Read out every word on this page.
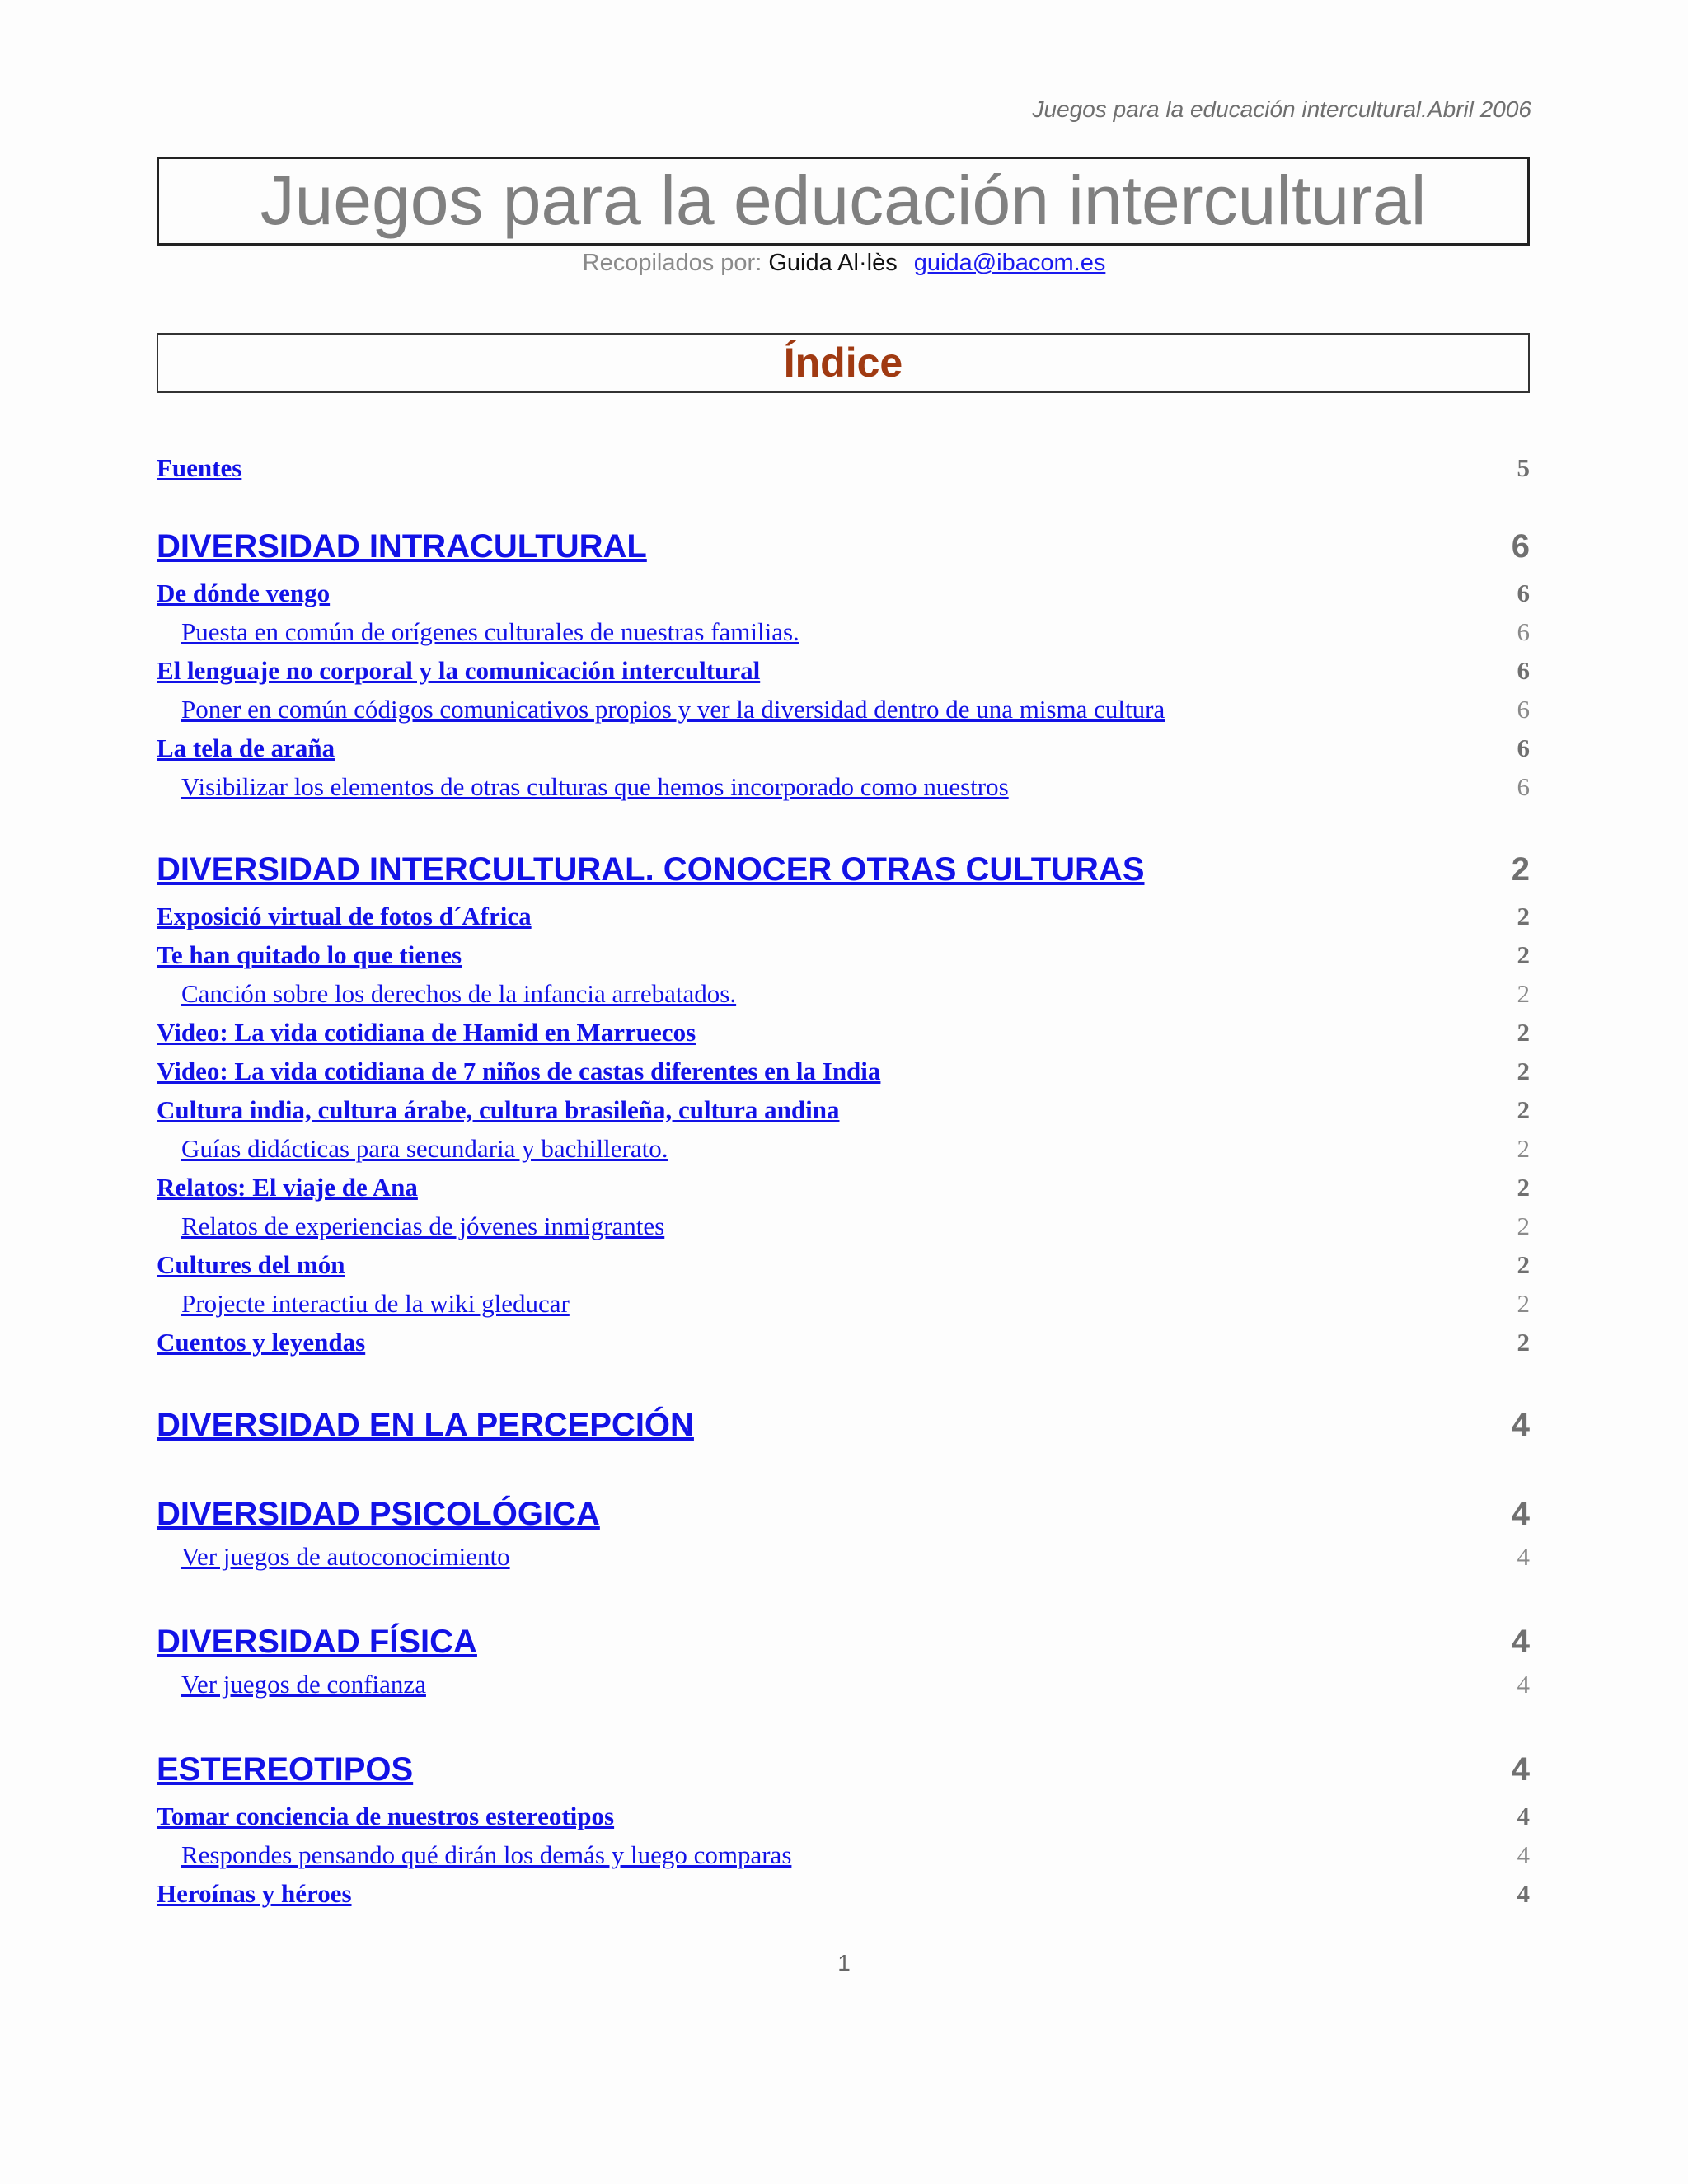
Juegos para la educación intercultural.Abril 2006
Juegos para la educación intercultural
Recopilados por: Guida Al·lès guida@ibacom.es
Índice
Fuentes	5
DIVERSIDAD INTRACULTURAL	6
De dónde vengo	6
Puesta en común de orígenes culturales de nuestras familias.	6
El lenguaje no corporal y la comunicación intercultural	6
Poner en común códigos comunicativos propios y ver la diversidad dentro de una misma cultura	6
La tela de araña	6
Visibilizar los elementos de otras culturas que hemos incorporado como nuestros	6
DIVERSIDAD INTERCULTURAL. CONOCER OTRAS CULTURAS	2
Exposició virtual de fotos d´Africa	2
Te han quitado lo que tienes	2
Canción sobre los derechos de la infancia arrebatados.	2
Video: La vida cotidiana de Hamid en Marruecos	2
Video: La vida cotidiana de 7 niños de castas diferentes en la India	2
Cultura india, cultura árabe, cultura brasileña, cultura andina	2
Guías didácticas para secundaria y bachillerato.	2
Relatos: El viaje de Ana	2
Relatos de experiencias de jóvenes inmigrantes	2
Cultures del món	2
Projecte interactiu de la wiki gleducar	2
Cuentos y leyendas	2
DIVERSIDAD EN LA PERCEPCIÓN	4
DIVERSIDAD PSICOLÓGICA	4
Ver juegos de autoconocimiento	4
DIVERSIDAD FÍSICA	4
Ver juegos de confianza	4
ESTEREOTIPOS	4
Tomar conciencia de nuestros estereotipos	4
Respondes pensando qué dirán los demás y luego comparas	4
Heroínas y héroes	4
1
